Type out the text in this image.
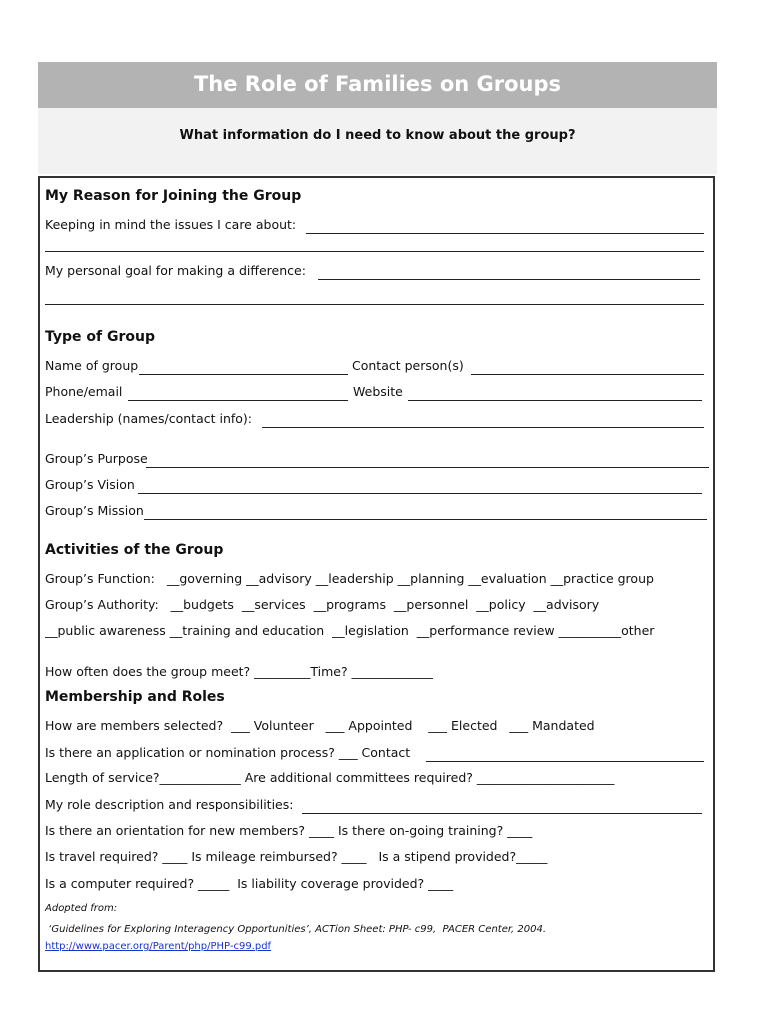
The Role of Families on Groups
What information do I need to know about the group?
My Reason for Joining the Group
Keeping in mind the issues I care about:
My personal goal for making a difference:
Type of Group
Name of group	Contact person(s)
Phone/email	Website
Leadership (names/contact info):
Group’s Purpose
Group’s Vision
Group’s Mission
Activities of the Group
Group’s Function:   __governing __advisory __leadership __planning __evaluation __practice group
Group’s Authority:   __budgets  __services  __programs  __personnel  __policy  __advisory
__public awareness __training and education  __legislation  __performance review __________other
How often does the group meet? _________Time? _____________
Membership and Roles
How are members selected?  ___ Volunteer   ___ Appointed    ___ Elected   ___ Mandated
Is there an application or nomination process? ___ Contact
Length of service?_____________ Are additional committees required? ______________________
My role description and responsibilities:
Is there an orientation for new members? ____ Is there on-going training? ____
Is travel required? ____ Is mileage reimbursed? ____   Is a stipend provided?_____
Is a computer required? _____  Is liability coverage provided? ____
Adopted from:
‘Guidelines for Exploring Interagency Opportunities’, ACTion Sheet: PHP- c99,  PACER Center, 2004.
http://www.pacer.org/Parent/php/PHP-c99.pdf
